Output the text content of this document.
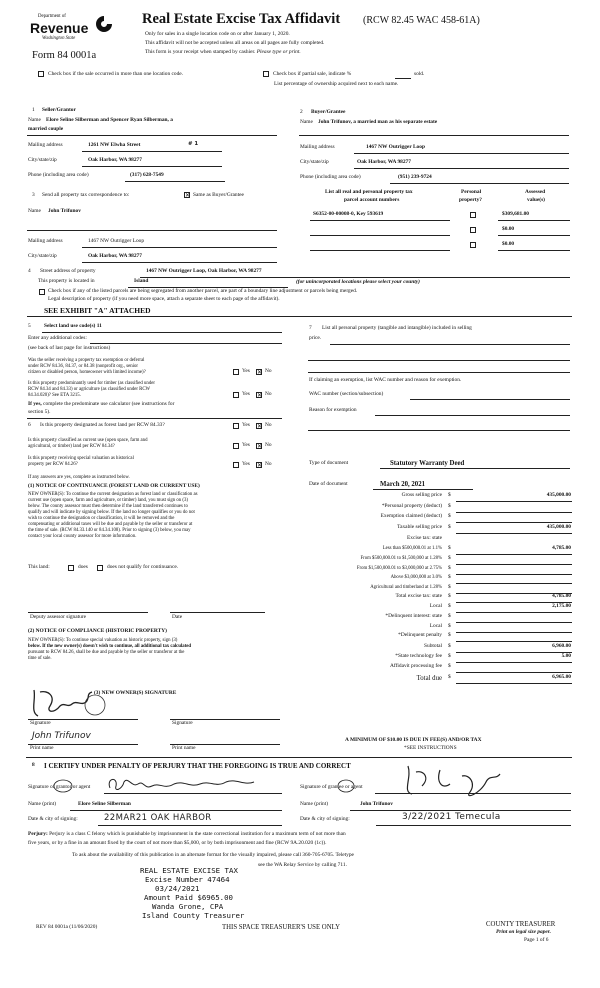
Department of
Revenue
Washington State
Form 84 0001a
Real Estate Excise Tax Affidavit (RCW 82.45 WAC 458-61A)
Only for sales in a single location code on or after January 1, 2020.
This affidavit will not be accepted unless all areas on all pages are fully completed.
This form is your receipt when stamped by cashier. Please type or print.
Check box if the sale occurred in more than one location code.	Check box if partial sale, indicate %	sold.
List percentage of ownership acquired next to each name.
1 Seller/Grantor
Name Elore Seline Silberman and Spencer Ryan Silberman, a
married couple
Mailing address	1261 NW Elwha Street	# 1
City/state/zip	Oak Harbor, WA 98277
Phone (including area code)	(317) 628-7549
2 Buyer/Grantee
Name John Trifunov, a married man as his separate estate
Mailing address	1467 NW Outrigger Loop
City/state/zip	Oak Harbor, WA 98277
Phone (including area code)	(951) 239-9724
3 Send all property tax correspondence to:	✕ Same as Buyer/Grantee
Name John Trifunov
Mailing address	1467 NW Outrigger Loop
City/state/zip	Oak Harbor, WA 98277
List all real and personal property tax
parcel account numbers
Personal
property?
Assessed
value(s)
S6352-00-00008-0, Key 593619	$309,681.00
$0.00
$0.00
4 Street address of property	1467 NW Outrigger Loop, Oak Harbor, WA 98277
This property is located in	Island	(for unincorporated locations please select your county)
Check box if any of the listed parcels are being segregated from another parcel, are part of a boundary line adjustment or parcels being merged.
Legal description of property (if you need more space, attach a separate sheet to each page of the affidavit).
SEE EXHIBIT "A" ATTACHED
5 Select land use code(s) 11
Enter any additional codes:
(see back of last page for instructions)
Was the seller receiving a property tax exemption or deferral
under RCW 84.36, 84.37, or 84.38 (nonprofit org., senior
citizen or disabled person, homeowner with limited income)?	Yes ✕ No
Is this property predominantly used for timber (as classified under
RCW 84.34 and 84.33) or agriculture (as classified under RCW
84.34.020)? See ETA 3215.	Yes ✕ No
If yes, complete the predominate use calculator (see instructions for
section 5).
6 Is this property designated as forest land per RCW 84.33?	Yes ✕ No
Is this property classified as current use (open space, farm and
agricultural, or timber) land per RCW 84.34?	Yes ✕ No
Is this property receiving special valuation as historical
property per RCW 84.26?	Yes ✕ No
If any answers are yes, complete as instructed below.
(1) NOTICE OF CONTINUANCE (FOREST LAND OR CURRENT USE)
NEW OWNER(S): To continue the current designation as forest land or classification as
current use (open space, farm and agriculture, or timber) land, you must sign on (3)
below. The county assessor must then determine if the land transferred continues to
qualify and will indicate by signing below. If the land no longer qualifies or you do not
wish to continue the designation or classification, it will be removed and the
compensating or additional taxes will be due and payable by the seller or transferor at
the time of sale. (RCW 84.33.140 or 84.34.108). Prior to signing (3) below, you may
contact your local county assessor for more information.
This land:	does	does not qualify for continuance.
Deputy assessor signature	Date
(2) NOTICE OF COMPLIANCE (HISTORIC PROPERTY)
NEW OWNER(S): To continue special valuation as historic property, sign (3)
below. If the new owner(s) doesn't wish to continue, all additional tax calculated
pursuant to RCW 84.26, shall be due and payable by the seller or transferor at the
time of sale.
(3) NEW OWNER(S) SIGNATURE
Signature	Signature
John Trifunov
Print name	Print name
7 List all personal property (tangible and intangible) included in selling
price.
If claiming an exemption, list WAC number and reason for exemption.
WAC number (section/subsection)
Reason for exemption
Type of document	Statutory Warranty Deed
Date of document	March 20, 2021
Gross selling price $	435,000.00
*Personal property (deduct) $
Exemption claimed (deduct) $
Taxable selling price $	435,000.00
Excise tax: state
Less than $500,000.01 at 1.1% $	4,785.00
From $500,000.01 to $1,500,000 at 1.28% $
From $1,500,000.01 to $3,000,000 at 2.75% $
Above $3,000,000 at 3.0% $
Agricultural and timberland at 1.28% $
Total excise tax: state $	4,785.00
Local $	2,175.00
*Delinquent interest: state $
Local $
*Delinquent penalty $
Subtotal $	6,960.00
*State technology fee $	5.00
Affidavit processing fee $
Total due $	6,965.00
A MINIMUM OF $10.00 IS DUE IN FEE(S) AND/OR TAX
*SEE INSTRUCTIONS
8 I CERTIFY UNDER PENALTY OF PERJURY THAT THE FOREGOING IS TRUE AND CORRECT
Signature of grantor or agent	Signature of grantee or agent
Name (print)	Elore Seline Silberman	Name (print)	John Trifunov
Date & city of signing:	22MAR21 OAK HARBOR	Date & city of signing:	3/22/2021 Temecula
Perjury: Perjury is a class C felony which is punishable by imprisonment in the state correctional institution for a maximum term of not more than
five years, or by a fine in an amount fixed by the court of not more than $5,000, or by both imprisonment and fine (RCW 9A.20.020 (1c)).
To ask about the availability of this publication in an alternate format for the visually impaired, please call 360-705-6705. Teletype
see the WA Relay Service by calling 711.
REAL ESTATE EXCISE TAX
Excise Number 47464
03/24/2021
Amount Paid $6965.00
Wanda Grone, CPA
Island County Treasurer
REV 84 0001a (11/06/2020)	THIS SPACE TREASURER'S USE ONLY	COUNTY TREASURER
Print on legal size paper.
Page 1 of 6
